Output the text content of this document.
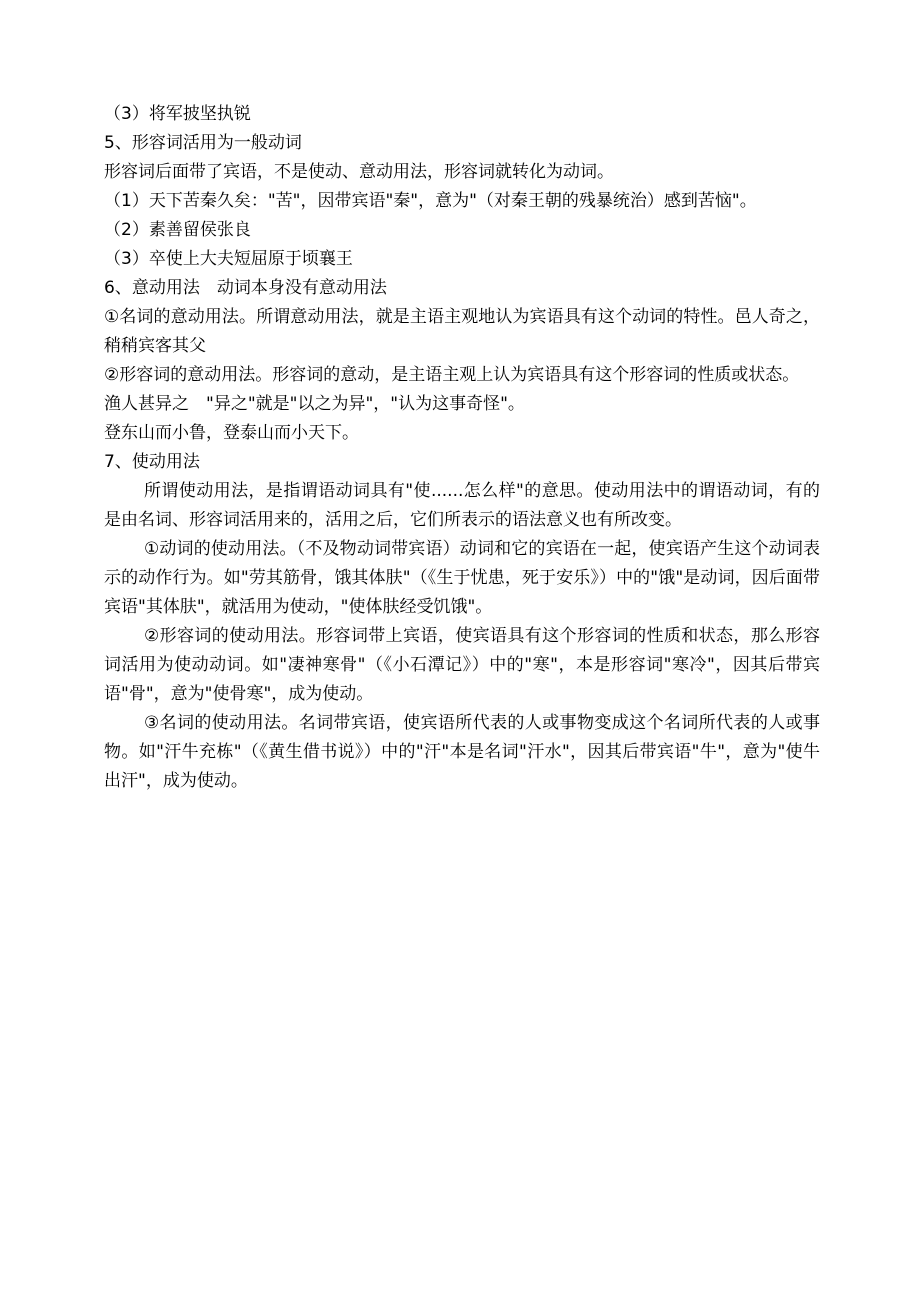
（3）将军披坚执锐

5、形容词活用为一般动词

形容词后面带了宾语，不是使动、意动用法，形容词就转化为动词。

（1）天下苦秦久矣："苦"，因带宾语"秦"，意为"（对秦王朝的残暴统治）感到苦恼"。

（2）素善留侯张良

（3）卒使上大夫短屈原于顷襄王

6、意动用法　动词本身没有意动用法

①名词的意动用法。所谓意动用法，就是主语主观地认为宾语具有这个动词的特性。邑人奇之，稍稍宾客其父

②形容词的意动用法。形容词的意动，是主语主观上认为宾语具有这个形容词的性质或状态。

渔人甚异之　"异之"就是"以之为异"，"认为这事奇怪"。

登东山而小鲁，登泰山而小天下。

7、使动用法

所谓使动用法，是指谓语动词具有"使......怎么样"的意思。使动用法中的谓语动词，有的是由名词、形容词活用来的，活用之后，它们所表示的语法意义也有所改变。

①动词的使动用法。（不及物动词带宾语）动词和它的宾语在一起，使宾语产生这个动词表示的动作行为。如"劳其筋骨，饿其体肤"（《生于忧患，死于安乐》）中的"饿"是动词，因后面带宾语"其体肤"，就活用为使动，"使体肤经受饥饿"。

②形容词的使动用法。形容词带上宾语，使宾语具有这个形容词的性质和状态，那么形容词活用为使动动词。如"凄神寒骨"（《小石潭记》）中的"寒"，本是形容词"寒冷"，因其后带宾语"骨"，意为"使骨寒"，成为使动。

③名词的使动用法。名词带宾语，使宾语所代表的人或事物变成这个名词所代表的人或事物。如"汗牛充栋"（《黄生借书说》）中的"汗"本是名词"汗水"，因其后带宾语"牛"，意为"使牛出汗"，成为使动。
